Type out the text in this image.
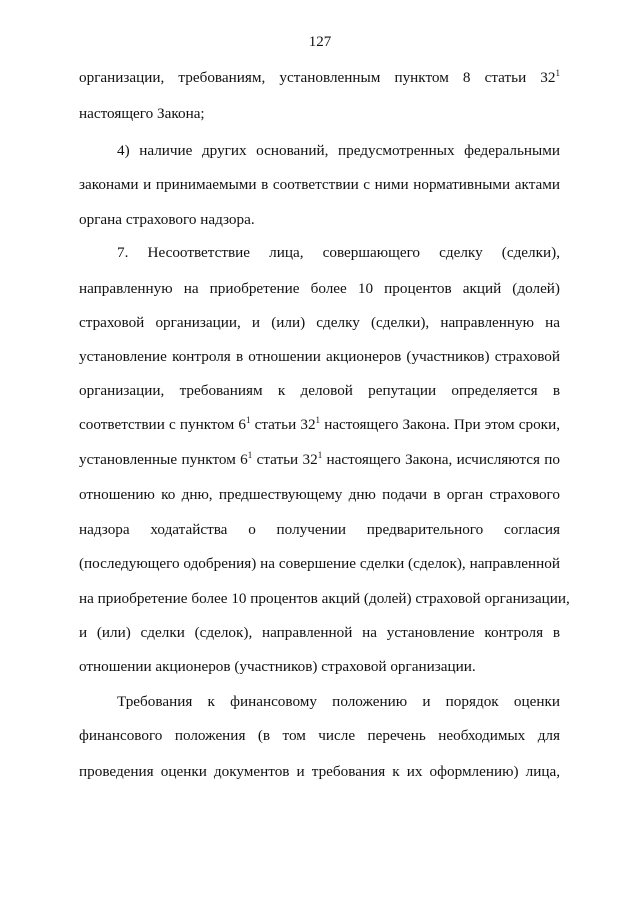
127
организации, требованиям, установленным пунктом 8 статьи $32^1$
настоящего Закона;
4) наличие других оснований, предусмотренных федеральными
законами и принимаемыми в соответствии с ними нормативными актами
органа страхового надзора.
7. Несоответствие лица, совершающего сделку (сделки),
направленную на приобретение более 10 процентов акций (долей)
страховой организации, и (или) сделку (сделки), направленную на
установление контроля в отношении акционеров (участников) страховой
организации, требованиям к деловой репутации определяется в
соответствии с пунктом $6^1$ статьи $32^1$ настоящего Закона. При этом сроки,
установленные пунктом $6^1$ статьи $32^1$ настоящего Закона, исчисляются по
отношению ко дню, предшествующему дню подачи в орган страхового
надзора ходатайства о получении предварительного согласия
(последующего одобрения) на совершение сделки (сделок), направленной
на приобретение более 10 процентов акций (долей) страховой организации,
и (или) сделки (сделок), направленной на установление контроля в
отношении акционеров (участников) страховой организации.
Требования к финансовому положению и порядок оценки
финансового положения (в том числе перечень необходимых для
проведения оценки документов и требования к их оформлению) лица,
